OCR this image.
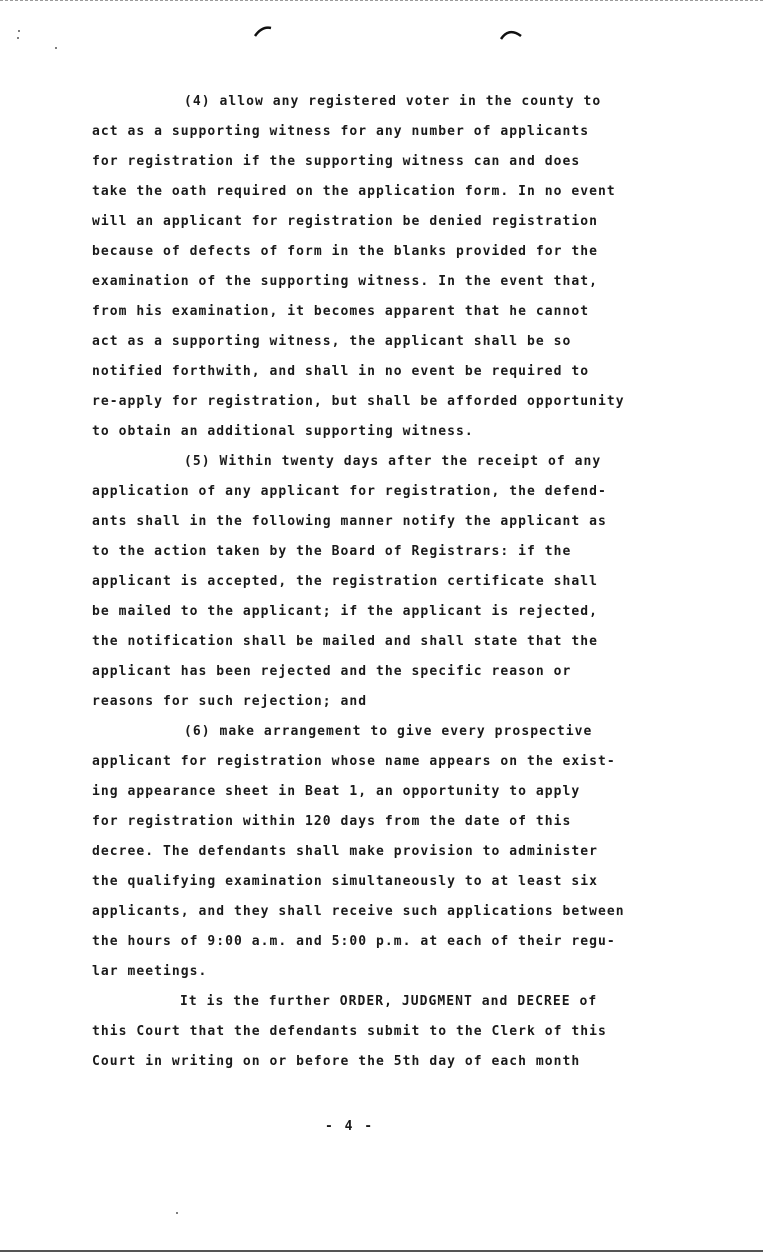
(4) allow any registered voter in the county to
act as a supporting witness for any number of applicants
for registration if the supporting witness can and does
take the oath required on the application form. In no event
will an applicant for registration be denied registration
because of defects of form in the blanks provided for the
examination of the supporting witness. In the event that,
from his examination, it becomes apparent that he cannot
act as a supporting witness, the applicant shall be so
notified forthwith, and shall in no event be required to
re-apply for registration, but shall be afforded opportunity
to obtain an additional supporting witness.
(5) Within twenty days after the receipt of any
application of any applicant for registration, the defend-
ants shall in the following manner notify the applicant as
to the action taken by the Board of Registrars: if the
applicant is accepted, the registration certificate shall
be mailed to the applicant; if the applicant is rejected,
the notification shall be mailed and shall state that the
applicant has been rejected and the specific reason or
reasons for such rejection; and
(6) make arrangement to give every prospective
applicant for registration whose name appears on the exist-
ing appearance sheet in Beat 1, an opportunity to apply
for registration within 120 days from the date of this
decree. The defendants shall make provision to administer
the qualifying examination simultaneously to at least six
applicants, and they shall receive such applications between
the hours of 9:00 a.m. and 5:00 p.m. at each of their regu-
lar meetings.
It is the further ORDER, JUDGMENT and DECREE of
this Court that the defendants submit to the Clerk of this
Court in writing on or before the 5th day of each month
- 4 -
